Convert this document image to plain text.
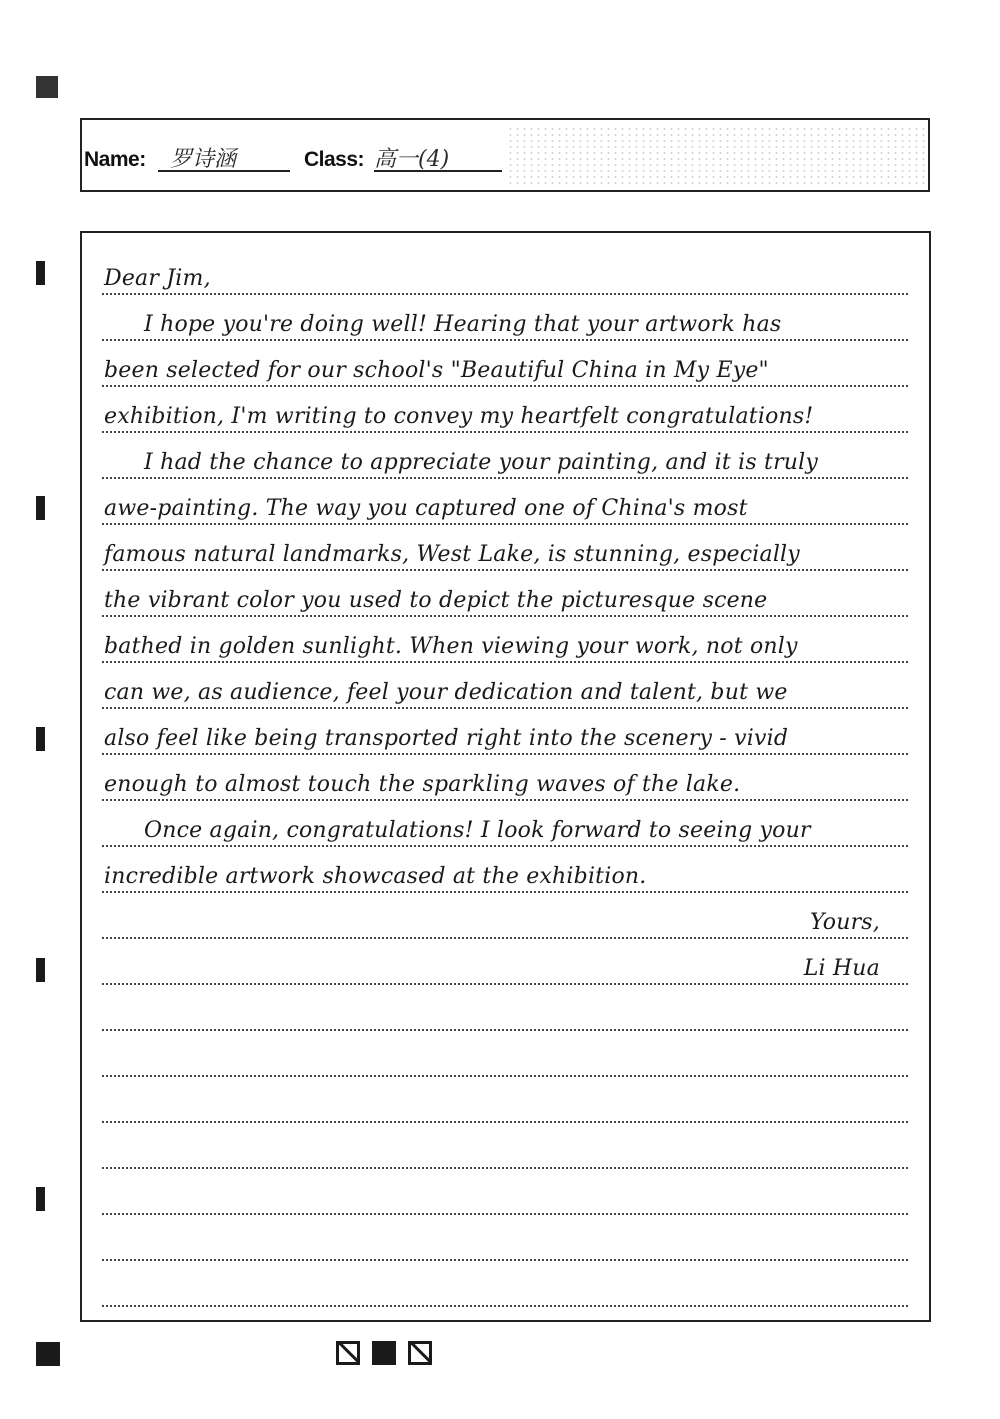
Name: 罗诗涵	Class: 高一(4)
Dear Jim,
I hope you're doing well! Hearing that your artwork has
been selected for our school's "Beautiful China in My Eye"
exhibition, I'm writing to convey my heartfelt congratulations!
I had the chance to appreciate your painting, and it is truly
awe-painting. The way you captured one of China's most
famous natural landmarks, West Lake, is stunning, especially
the vibrant color you used to depict the picturesque scene
bathed in golden sunlight. When viewing your work, not only
can we, as audience, feel your dedication and talent, but we
also feel like being transported right into the scenery - vivid
enough to almost touch the sparkling waves of the lake.
Once again, congratulations! I look forward to seeing your
incredible artwork showcased at the exhibition.
Yours,
Li Hua
